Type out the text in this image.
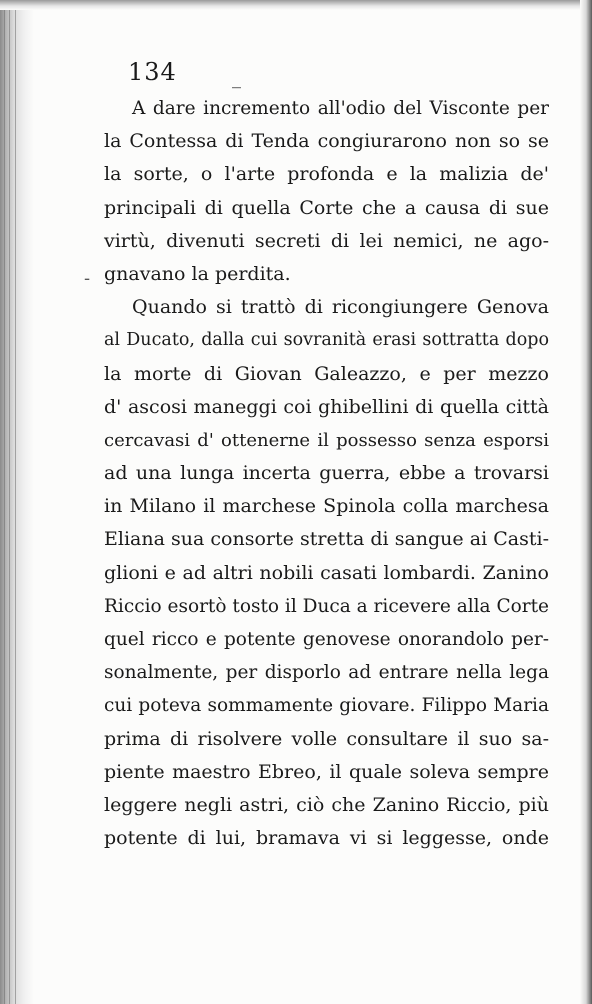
134	_
-
A dare incremento all'odio del Visconte per
la Contessa di Tenda congiurarono non so se
la sorte, o l'arte profonda e la malizia de'
principali di quella Corte che a causa di sue
virtù, divenuti secreti di lei nemici, ne ago-
gnavano la perdita.
Quando si trattò di ricongiungere Genova
al Ducato, dalla cui sovranità erasi sottratta dopo
la morte di Giovan Galeazzo, e per mezzo
d' ascosi maneggi coi ghibellini di quella città
cercavasi d' ottenerne il possesso senza esporsi
ad una lunga incerta guerra, ebbe a trovarsi
in Milano il marchese Spinola colla marchesa
Eliana sua consorte stretta di sangue ai Casti-
glioni e ad altri nobili casati lombardi. Zanino
Riccio esortò tosto il Duca a ricevere alla Corte
quel ricco e potente genovese onorandolo per-
sonalmente, per disporlo ad entrare nella lega
cui poteva sommamente giovare. Filippo Maria
prima di risolvere volle consultare il suo sa-
piente maestro Ebreo, il quale soleva sempre
leggere negli astri, ciò che Zanino Riccio, più
potente di lui, bramava vi si leggesse, onde
